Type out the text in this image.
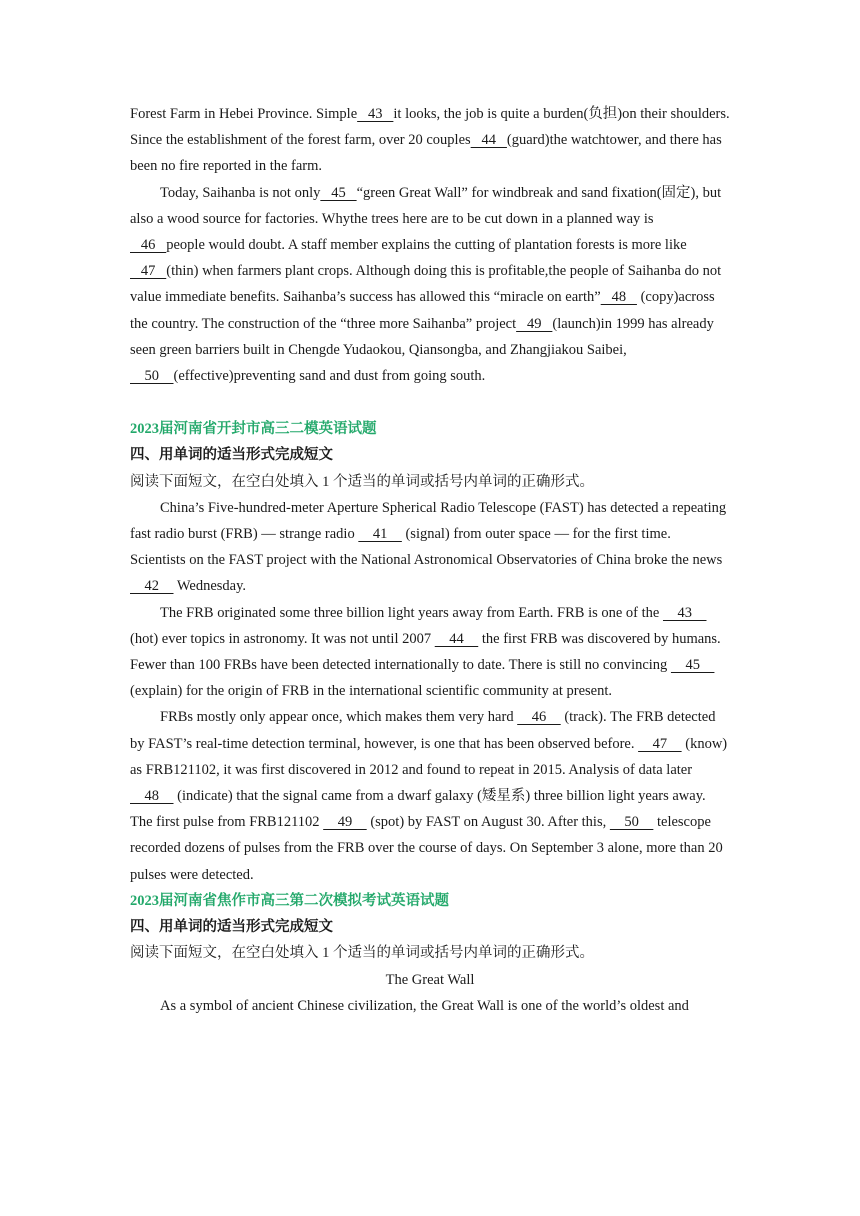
Forest Farm in Hebei Province. Simple   43   it looks, the job is quite a burden(负担)on their shoulders. Since the establishment of the forest farm, over 20 couples   44   (guard)the watchtower, and there has been no fire reported in the farm.

Today, Saihanba is not only   45   “green Great Wall” for windbreak and sand fixation(固定), but also a wood source for factories. Whythe trees here are to be cut down in a planned way is    46   people would doubt. A staff member explains the cutting of plantation forests is more like    47   (thin) when farmers plant crops. Although doing this is profitable,the people of Saihanba do not value immediate benefits. Saihanba’s success has allowed this “miracle on earth”   48    (copy)across the country. The construction of the “three more Saihanba” project   49   (launch)in 1999 has already seen green barriers built in Chengde Yudaokou, Qiansongba, and Zhangjiakou Saibei,    50    (effective)preventing sand and dust from going south.

2023届河南省开封市高三二模英语试题

四、用单词的适当形式完成短文

阅读下面短文，在空白处填入 1 个适当的单词或括号内单词的正确形式。

China’s Five-hundred-meter Aperture Spherical Radio Telescope (FAST) has detected a repeating fast radio burst (FRB) — strange radio     41     (signal) from outer space — for the first time. Scientists on the FAST project with the National Astronomical Observatories of China broke the news     42     Wednesday.

The FRB originated some three billion light years away from Earth. FRB is one of the     43     (hot) ever topics in astronomy. It was not until 2007     44     the first FRB was discovered by humans. Fewer than 100 FRBs have been detected internationally to date. There is still no convincing     45     (explain) for the origin of FRB in the international scientific community at present.

FRBs mostly only appear once, which makes them very hard     46     (track). The FRB detected by FAST’s real-time detection terminal, however, is one that has been observed before.     47     (know) as FRB121102, it was first discovered in 2012 and found to repeat in 2015. Analysis of data later     48     (indicate) that the signal came from a dwarf galaxy (矮星系) three billion light years away. The first pulse from FRB121102     49     (spot) by FAST on August 30. After this,     50     telescope recorded dozens of pulses from the FRB over the course of days. On September 3 alone, more than 20 pulses were detected.

2023届河南省焦作市高三第二次模拟考试英语试题

四、用单词的适当形式完成短文

阅读下面短文，在空白处填入 1 个适当的单词或括号内单词的正确形式。

The Great Wall

As a symbol of ancient Chinese civilization, the Great Wall is one of the world’s oldest and
